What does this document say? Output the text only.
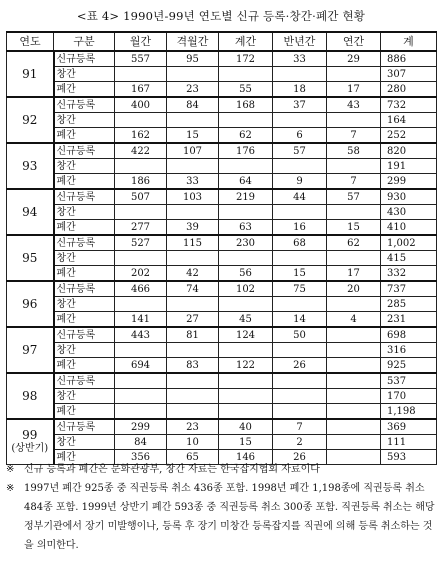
<표 4> 1990년-99년 연도별 신규 등록·창간·폐간 현황
연도	구분	월간	격월간	계간	반년간	연간	계
91	신규등록	557	95	172	33	29	886
	창간						307
	폐간	167	23	55	18	17	280
92	신규등록	400	84	168	37	43	732
	창간						164
	폐간	162	15	62	6	7	252
93	신규등록	422	107	176	57	58	820
	창간						191
	폐간	186	33	64	9	7	299
94	신규등록	507	103	219	44	57	930
	창간						430
	폐간	277	39	63	16	15	410
95	신규등록	527	115	230	68	62	1,002
	창간						415
	폐간	202	42	56	15	17	332
96	신규등록	466	74	102	75	20	737
	창간						285
	폐간	141	27	45	14	4	231
97	신규등록	443	81	124	50		698
	창간						316
	폐간	694	83	122	26		925
98	신규등록						537
	창간						170
	폐간						1,198
99
(상반기)	신규등록	299	23	40	7		369
	창간	84	10	15	2		111
	폐간	356	65	146	26		593
※ 신규 등록과 폐간은 문화관광부, 창간 자료는 한국잡지협회 자료이다
※ 1997년 폐간 925종 중 직권등록 취소 436종 포함. 1998년 폐간 1,198종에 직권등록 취소 484종 포함. 1999년 상반기 폐간 593종 중 직권등록 취소 300종 포함. 직권등록 취소는 해당 정부기관에서 장기 미발행이나, 등록 후 장기 미창간 등록잡지를 직권에 의해 등록 취소하는 것을 의미한다.
